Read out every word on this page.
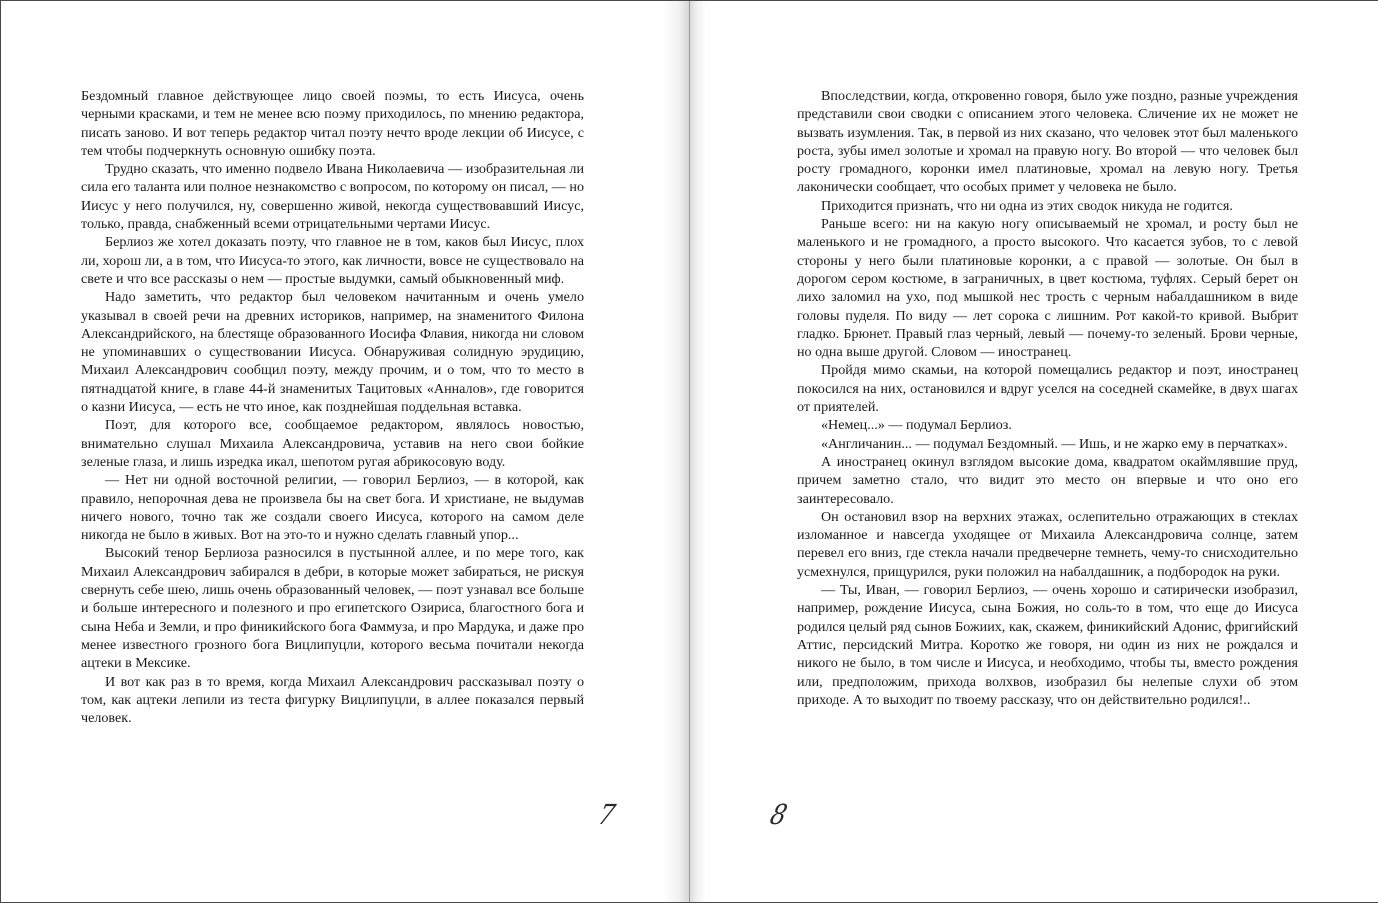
Бездомный главное действующее лицо своей поэмы, то есть Иисуса, очень черными красками, и тем не менее всю поэму приходилось, по мнению редактора, писать заново. И вот теперь редактор читал поэту нечто вроде лекции об Иисусе, с тем чтобы подчеркнуть основную ошибку поэта.

Трудно сказать, что именно подвело Ивана Николаевича — изобразительная ли сила его таланта или полное незнакомство с вопросом, по которому он писал, — но Иисус у него получился, ну, совершенно живой, некогда существовавший Иисус, только, правда, снабженный всеми отрицательными чертами Иисус.

Берлиоз же хотел доказать поэту, что главное не в том, каков был Иисус, плох ли, хорош ли, а в том, что Иисуса-то этого, как личности, вовсе не существовало на свете и что все рассказы о нем — простые выдумки, самый обыкновенный миф.

Надо заметить, что редактор был человеком начитанным и очень умело указывал в своей речи на древних историков, например, на знаменитого Филона Александрийского, на блестяще образованного Иосифа Флавия, никогда ни словом не упоминавших о существовании Иисуса. Обнаруживая солидную эрудицию, Михаил Александрович сообщил поэту, между прочим, и о том, что то место в пятнадцатой книге, в главе 44-й знаменитых Тацитовых «Анналов», где говорится о казни Иисуса, — есть не что иное, как позднейшая поддельная вставка.

Поэт, для которого все, сообщаемое редактором, являлось новостью, внимательно слушал Михаила Александровича, уставив на него свои бойкие зеленые глаза, и лишь изредка икал, шепотом ругая абрикосовую воду.

— Нет ни одной восточной религии, — говорил Берлиоз, — в которой, как правило, непорочная дева не произвела бы на свет бога. И христиане, не выдумав ничего нового, точно так же создали своего Иисуса, которого на самом деле никогда не было в живых. Вот на это-то и нужно сделать главный упор...

Высокий тенор Берлиоза разносился в пустынной аллее, и по мере того, как Михаил Александрович забирался в дебри, в которые может забираться, не рискуя свернуть себе шею, лишь очень образованный человек, — поэт узнавал все больше и больше интересного и полезного и про египетского Озириса, благостного бога и сына Неба и Земли, и про финикийского бога Фаммуза, и про Мардука, и даже про менее известного грозного бога Вицлипуцли, которого весьма почитали некогда ацтеки в Мексике.

И вот как раз в то время, когда Михаил Александрович рассказывал поэту о том, как ацтеки лепили из теста фигурку Вицлипуцли, в аллее показался первый человек.

7

Впоследствии, когда, откровенно говоря, было уже поздно, разные учреждения представили свои сводки с описанием этого человека. Сличение их не может не вызвать изумления. Так, в первой из них сказано, что человек этот был маленького роста, зубы имел золотые и хромал на правую ногу. Во второй — что человек был росту громадного, коронки имел платиновые, хромал на левую ногу. Третья лаконически сообщает, что особых примет у человека не было.

Приходится признать, что ни одна из этих сводок никуда не годится.

Раньше всего: ни на какую ногу описываемый не хромал, и росту был не маленького и не громадного, а просто высокого. Что касается зубов, то с левой стороны у него были платиновые коронки, а с правой — золотые. Он был в дорогом сером костюме, в заграничных, в цвет костюма, туфлях. Серый берет он лихо заломил на ухо, под мышкой нес трость с черным набалдашником в виде головы пуделя. По виду — лет сорока с лишним. Рот какой-то кривой. Выбрит гладко. Брюнет. Правый глаз черный, левый — почему-то зеленый. Брови черные, но одна выше другой. Словом — иностранец.

Пройдя мимо скамьи, на которой помещались редактор и поэт, иностранец покосился на них, остановился и вдруг уселся на соседней скамейке, в двух шагах от приятелей.

«Немец...» — подумал Берлиоз.

«Англичанин... — подумал Бездомный. — Ишь, и не жарко ему в перчатках».

А иностранец окинул взглядом высокие дома, квадратом окаймлявшие пруд, причем заметно стало, что видит это место он впервые и что оно его заинтересовало.

Он остановил взор на верхних этажах, ослепительно отражающих в стеклах изломанное и навсегда уходящее от Михаила Александровича солнце, затем перевел его вниз, где стекла начали предвечерне темнеть, чему-то снисходительно усмехнулся, прищурился, руки положил на набалдашник, а подбородок на руки.

— Ты, Иван, — говорил Берлиоз, — очень хорошо и сатирически изобразил, например, рождение Иисуса, сына Божия, но соль-то в том, что еще до Иисуса родился целый ряд сынов Божиих, как, скажем, финикийский Адонис, фригийский Аттис, персидский Митра. Коротко же говоря, ни один из них не рождался и никого не было, в том числе и Иисуса, и необходимо, чтобы ты, вместо рождения или, предположим, прихода волхвов, изобразил бы нелепые слухи об этом приходе. А то выходит по твоему рассказу, что он действительно родился!..

8
